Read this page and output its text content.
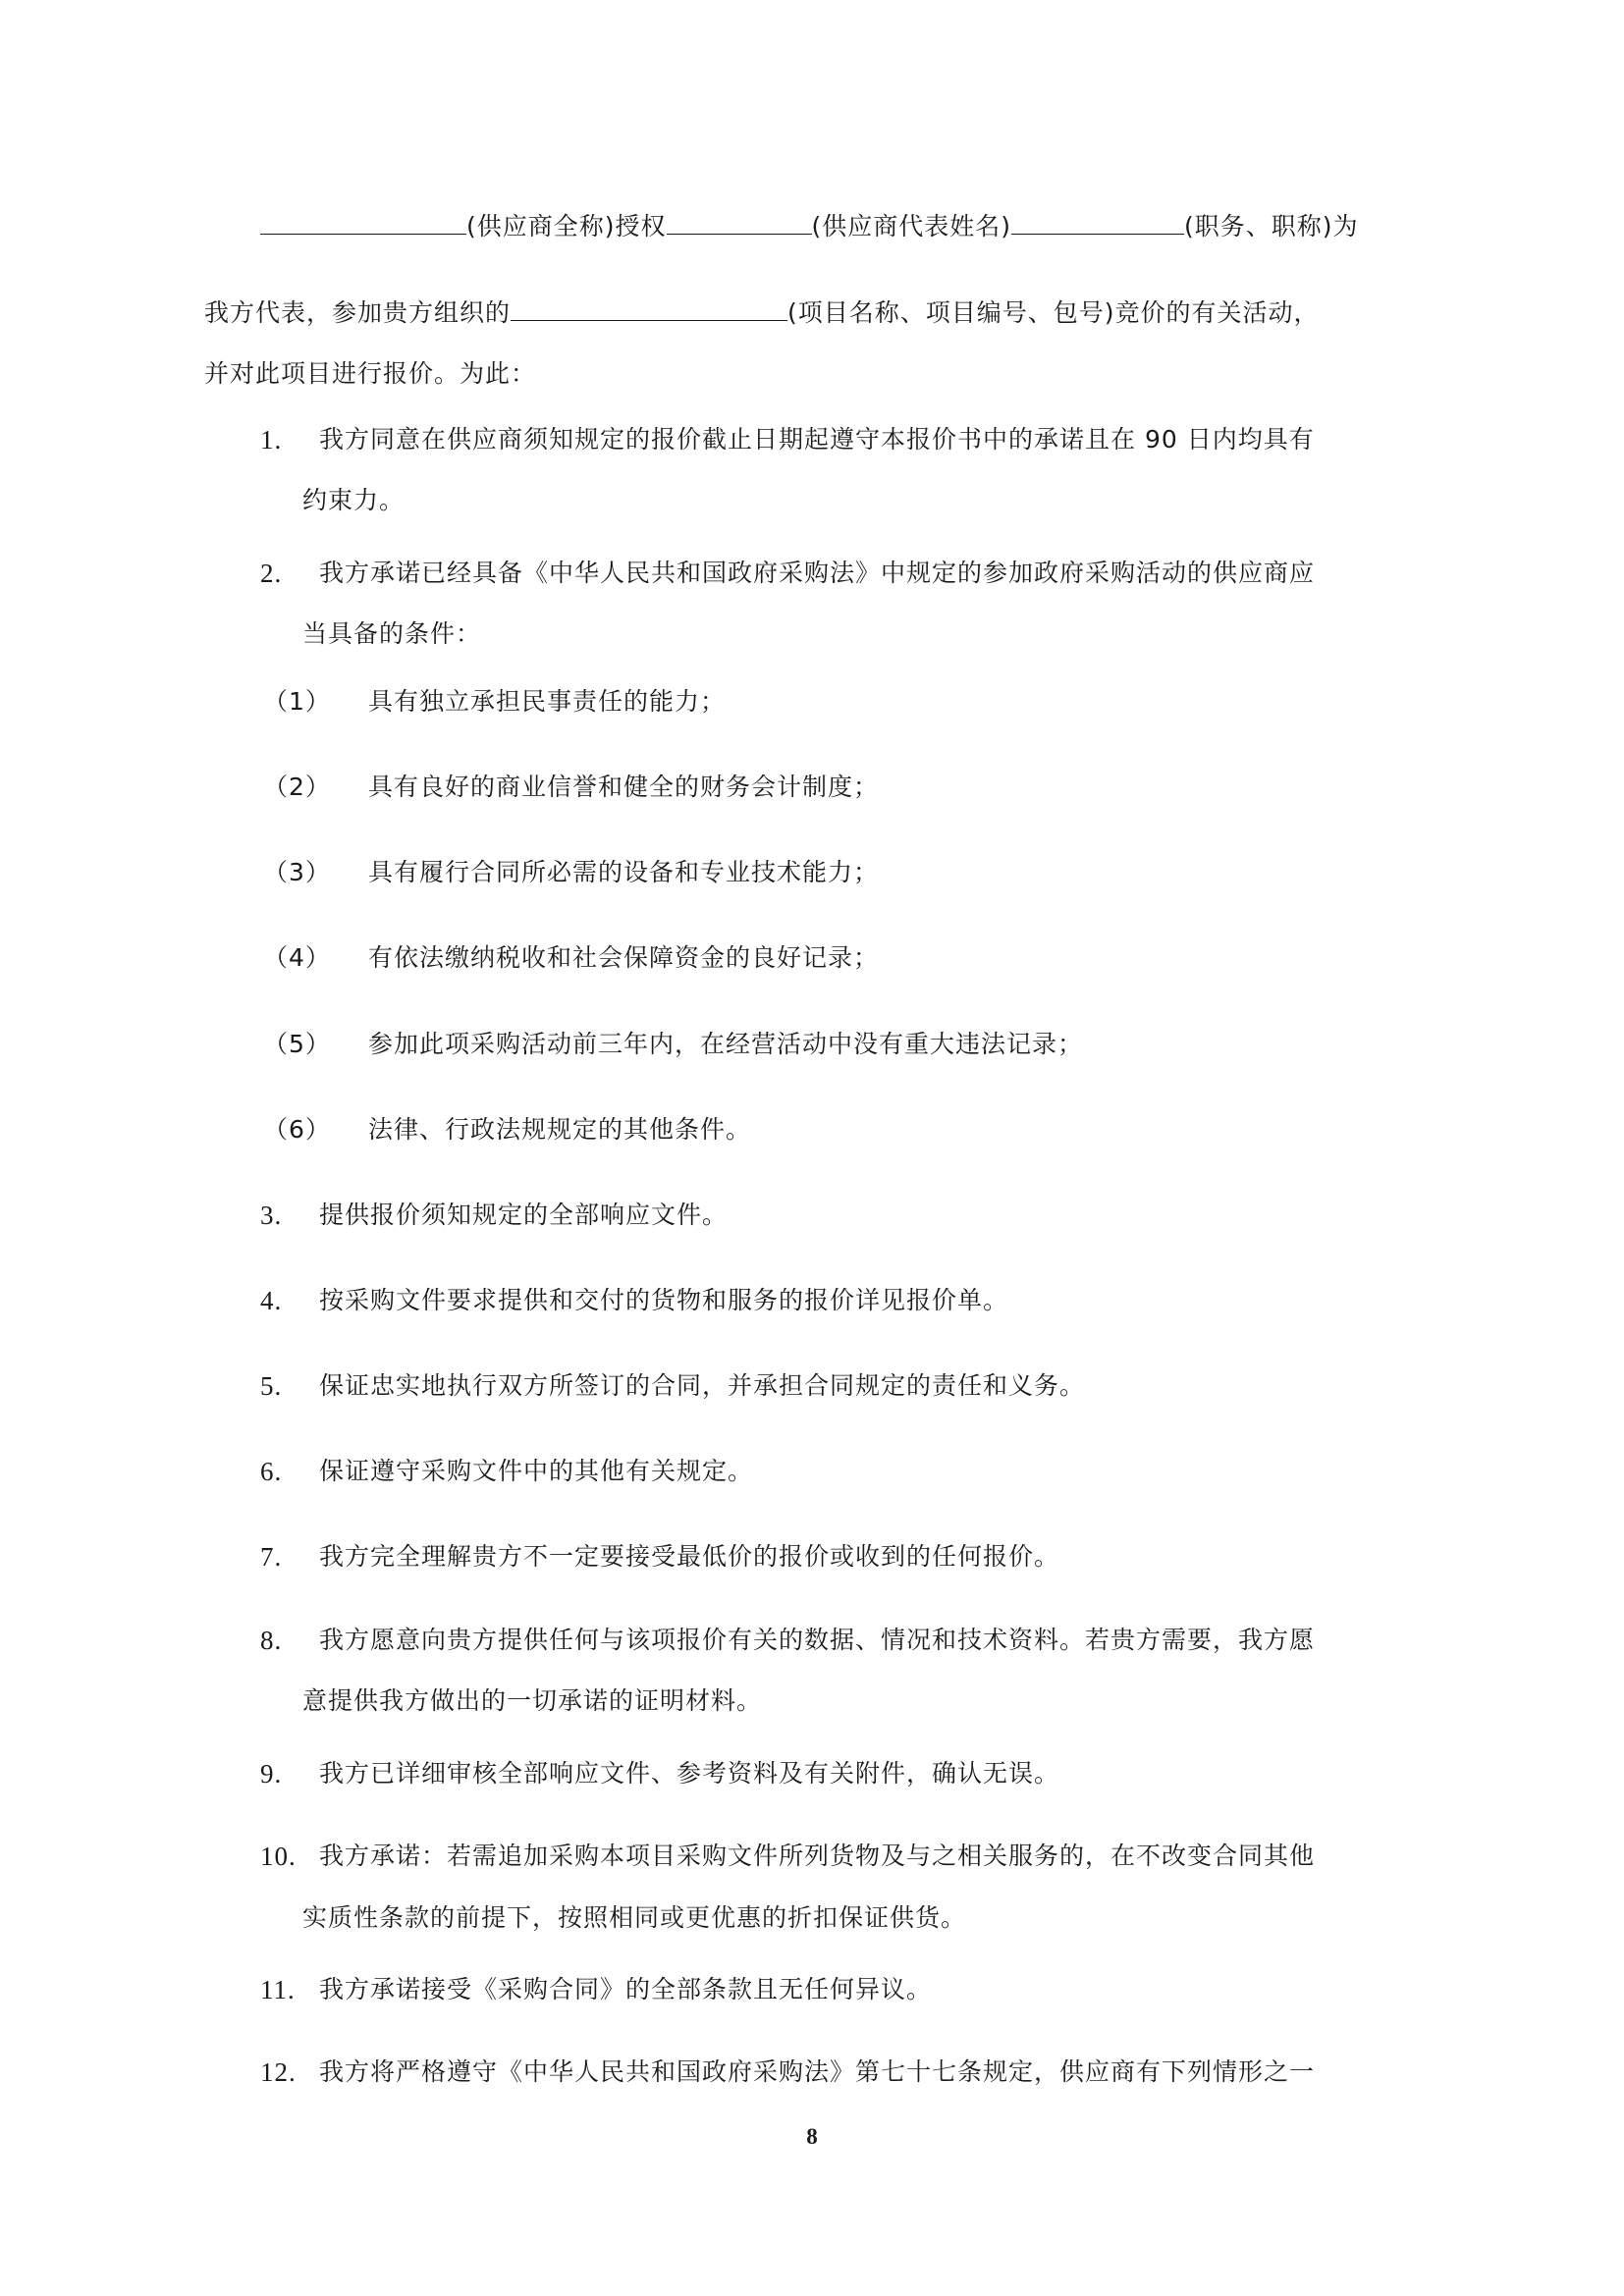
(供应商全称)授权	(供应商代表姓名)	(职务、职称)为
我方代表，参加贵方组织的	(项目名称、项目编号、包号)竞价的有关活动，
并对此项目进行报价。为此：
1. 我方同意在供应商须知规定的报价截止日期起遵守本报价书中的承诺且在 90 日内均具有
约束力。
2. 我方承诺已经具备《中华人民共和国政府采购法》中规定的参加政府采购活动的供应商应
当具备的条件：
（1） 具有独立承担民事责任的能力；
（2） 具有良好的商业信誉和健全的财务会计制度；
（3） 具有履行合同所必需的设备和专业技术能力；
（4） 有依法缴纳税收和社会保障资金的良好记录；
（5） 参加此项采购活动前三年内，在经营活动中没有重大违法记录；
（6） 法律、行政法规规定的其他条件。
3. 提供报价须知规定的全部响应文件。
4. 按采购文件要求提供和交付的货物和服务的报价详见报价单。
5. 保证忠实地执行双方所签订的合同，并承担合同规定的责任和义务。
6. 保证遵守采购文件中的其他有关规定。
7. 我方完全理解贵方不一定要接受最低价的报价或收到的任何报价。
8. 我方愿意向贵方提供任何与该项报价有关的数据、情况和技术资料。若贵方需要，我方愿
意提供我方做出的一切承诺的证明材料。
9. 我方已详细审核全部响应文件、参考资料及有关附件，确认无误。
10. 我方承诺：若需追加采购本项目采购文件所列货物及与之相关服务的，在不改变合同其他
实质性条款的前提下，按照相同或更优惠的折扣保证供货。
11. 我方承诺接受《采购合同》的全部条款且无任何异议。
12. 我方将严格遵守《中华人民共和国政府采购法》第七十七条规定，供应商有下列情形之一
8
